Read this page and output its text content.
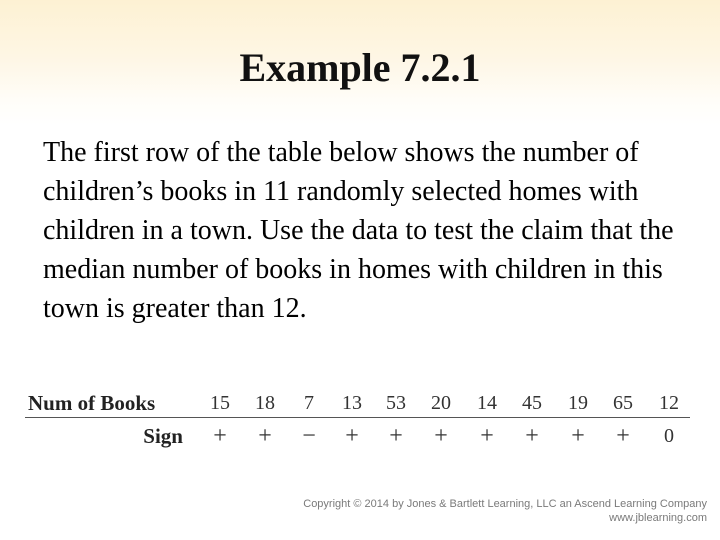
Example 7.2.1
The first row of the table below shows the number of children’s books in 11 randomly selected homes with children in a town. Use the data to test the claim that the median number of books in homes with children in this town is greater than 12.
Num of Books	15	18	7	13	53	20	14	45	19	65	12
Sign	+	+	−	+	+	+	+	+	+	+	0
Copyright © 2014 by Jones & Bartlett Learning, LLC an Ascend Learning Company
www.jblearning.com
